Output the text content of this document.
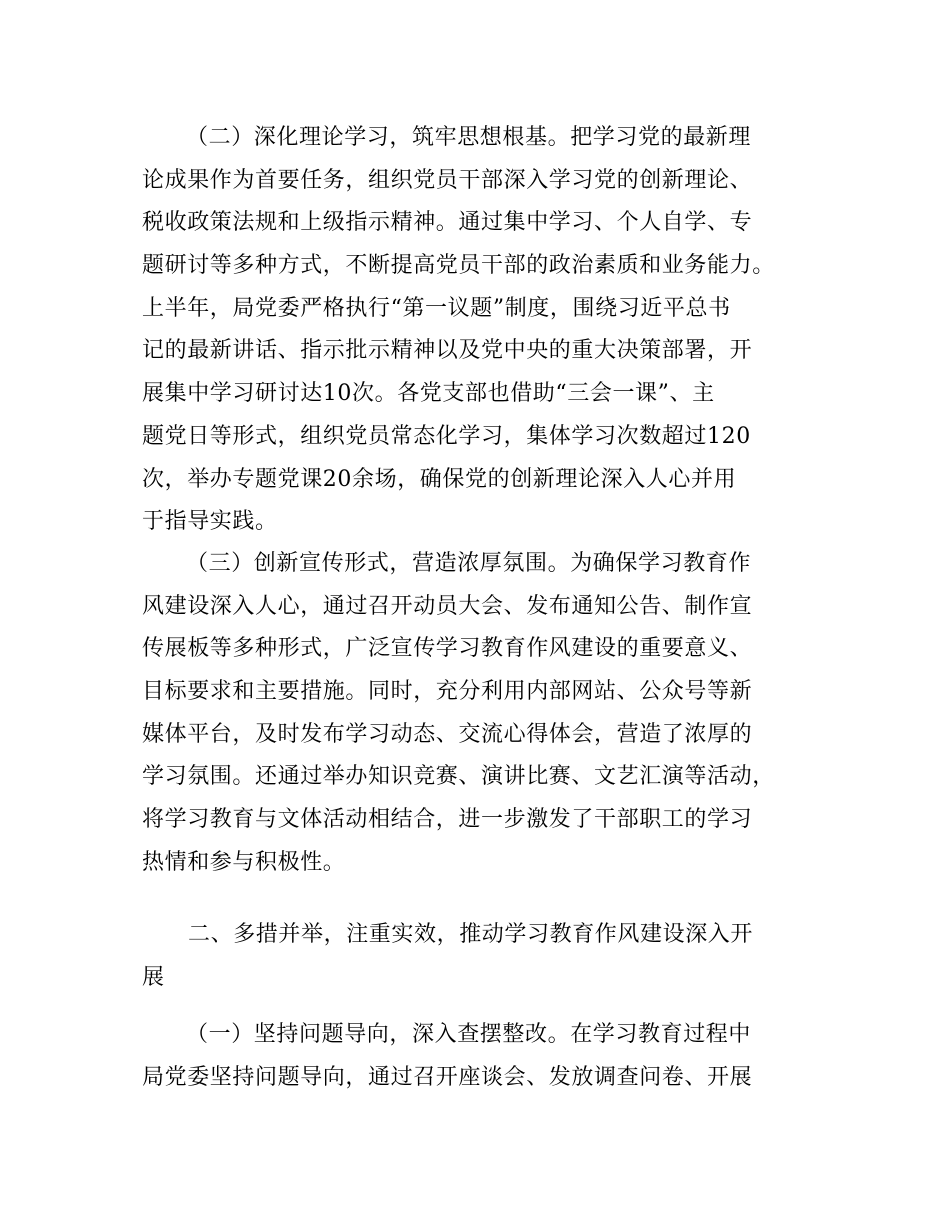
（二）深化理论学习，筑牢思想根基。把学习党的最新理
论成果作为首要任务，组织党员干部深入学习党的创新理论、
税收政策法规和上级指示精神。通过集中学习、个人自学、专
题研讨等多种方式，不断提高党员干部的政治素质和业务能力。
上半年，局党委严格执行“第一议题”制度，围绕习近平总书
记的最新讲话、指示批示精神以及党中央的重大决策部署，开
展集中学习研讨达10次。各党支部也借助“三会一课”、主
题党日等形式，组织党员常态化学习，集体学习次数超过120
次，举办专题党课20余场，确保党的创新理论深入人心并用
于指导实践。
（三）创新宣传形式，营造浓厚氛围。为确保学习教育作
风建设深入人心，通过召开动员大会、发布通知公告、制作宣
传展板等多种形式，广泛宣传学习教育作风建设的重要意义、
目标要求和主要措施。同时，充分利用内部网站、公众号等新
媒体平台，及时发布学习动态、交流心得体会，营造了浓厚的
学习氛围。还通过举办知识竞赛、演讲比赛、文艺汇演等活动，
将学习教育与文体活动相结合，进一步激发了干部职工的学习
热情和参与积极性。
二、多措并举，注重实效，推动学习教育作风建设深入开
展
（一）坚持问题导向，深入查摆整改。在学习教育过程中
局党委坚持问题导向，通过召开座谈会、发放调查问卷、开展
